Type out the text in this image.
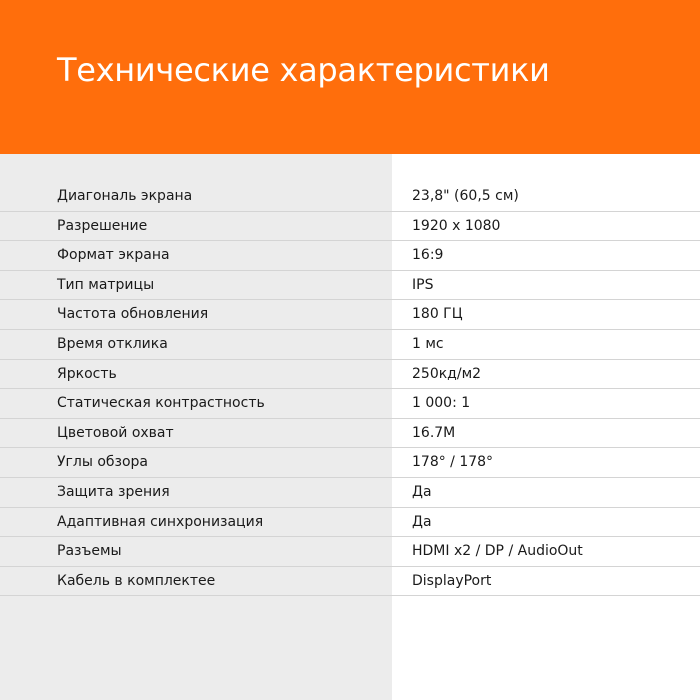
Технические характеристики
Диагональ экрана	23,8" (60,5 см)
Разрешение	1920 x 1080
Формат экрана	16:9
Тип матрицы	IPS
Частота обновления	180 ГЦ
Время отклика	1 мс
Яркость	250кд/м2
Статическая контрастность	1 000: 1
Цветовой охват	16.7M
Углы обзора	178° / 178°
Защита зрения	Да
Адаптивная синхронизация	Да
Разъемы	HDMI x2 / DP / AudioOut
Кабель в комплектее	DisplayPort
